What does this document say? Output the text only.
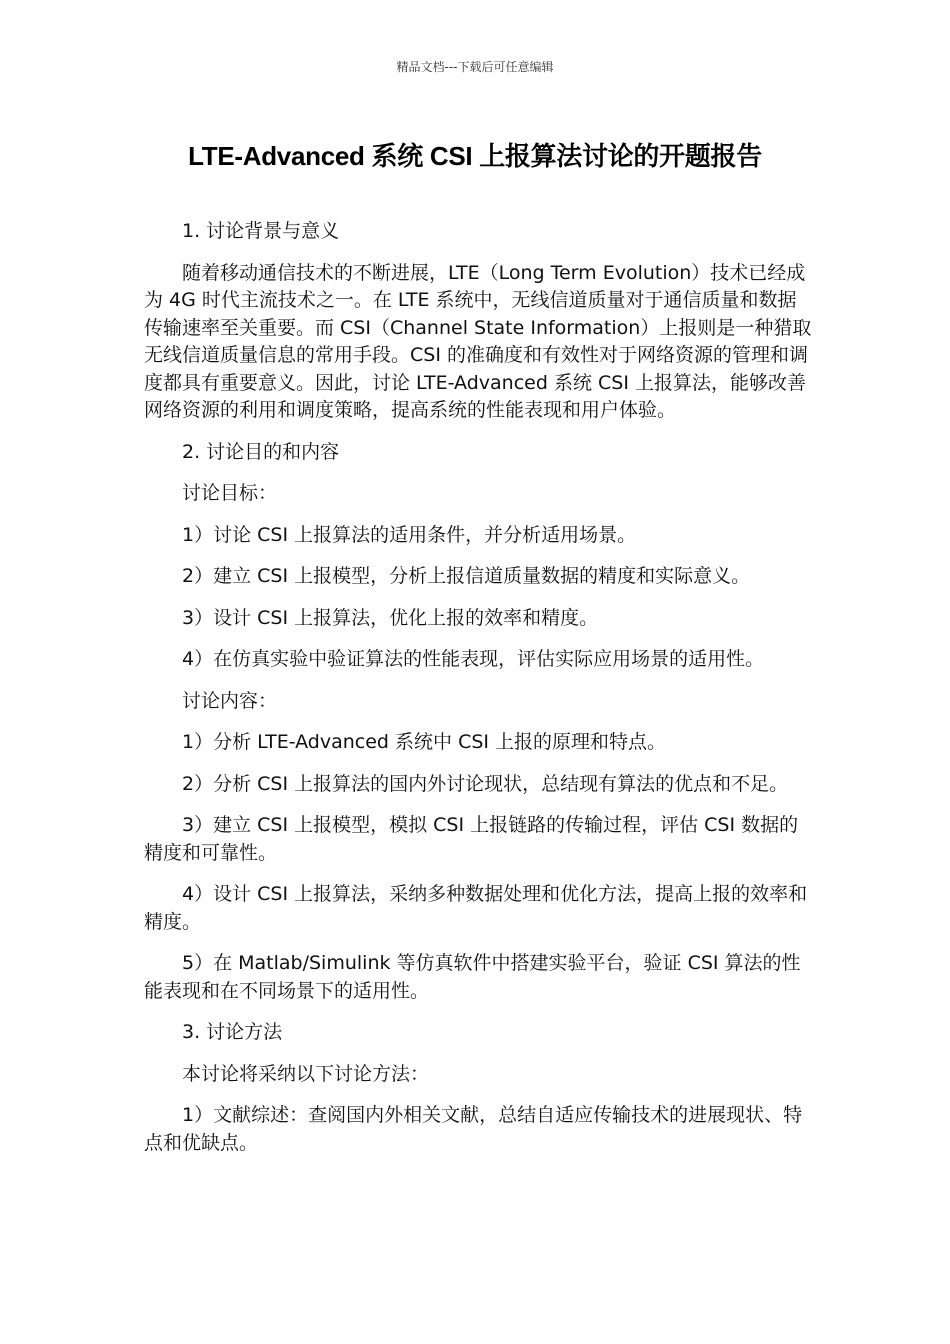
精品文档---下载后可任意编辑
LTE-Advanced 系统 CSI 上报算法讨论的开题报告

1. 讨论背景与意义

随着移动通信技术的不断进展，LTE（Long Term Evolution）技术已经成为 4G 时代主流技术之一。在 LTE 系统中，无线信道质量对于通信质量和数据传输速率至关重要。而 CSI（Channel State Information）上报则是一种猎取无线信道质量信息的常用手段。CSI 的准确度和有效性对于网络资源的管理和调度都具有重要意义。因此，讨论 LTE-Advanced 系统 CSI 上报算法，能够改善网络资源的利用和调度策略，提高系统的性能表现和用户体验。

2. 讨论目的和内容

讨论目标：

1）讨论 CSI 上报算法的适用条件，并分析适用场景。

2）建立 CSI 上报模型，分析上报信道质量数据的精度和实际意义。

3）设计 CSI 上报算法，优化上报的效率和精度。

4）在仿真实验中验证算法的性能表现，评估实际应用场景的适用性。

讨论内容：

1）分析 LTE-Advanced 系统中 CSI 上报的原理和特点。

2）分析 CSI 上报算法的国内外讨论现状，总结现有算法的优点和不足。

3）建立 CSI 上报模型，模拟 CSI 上报链路的传输过程，评估 CSI 数据的精度和可靠性。

4）设计 CSI 上报算法，采纳多种数据处理和优化方法，提高上报的效率和精度。

5）在 Matlab/Simulink 等仿真软件中搭建实验平台，验证 CSI 算法的性能表现和在不同场景下的适用性。

3. 讨论方法

本讨论将采纳以下讨论方法：

1）文献综述：查阅国内外相关文献，总结自适应传输技术的进展现状、特点和优缺点。
